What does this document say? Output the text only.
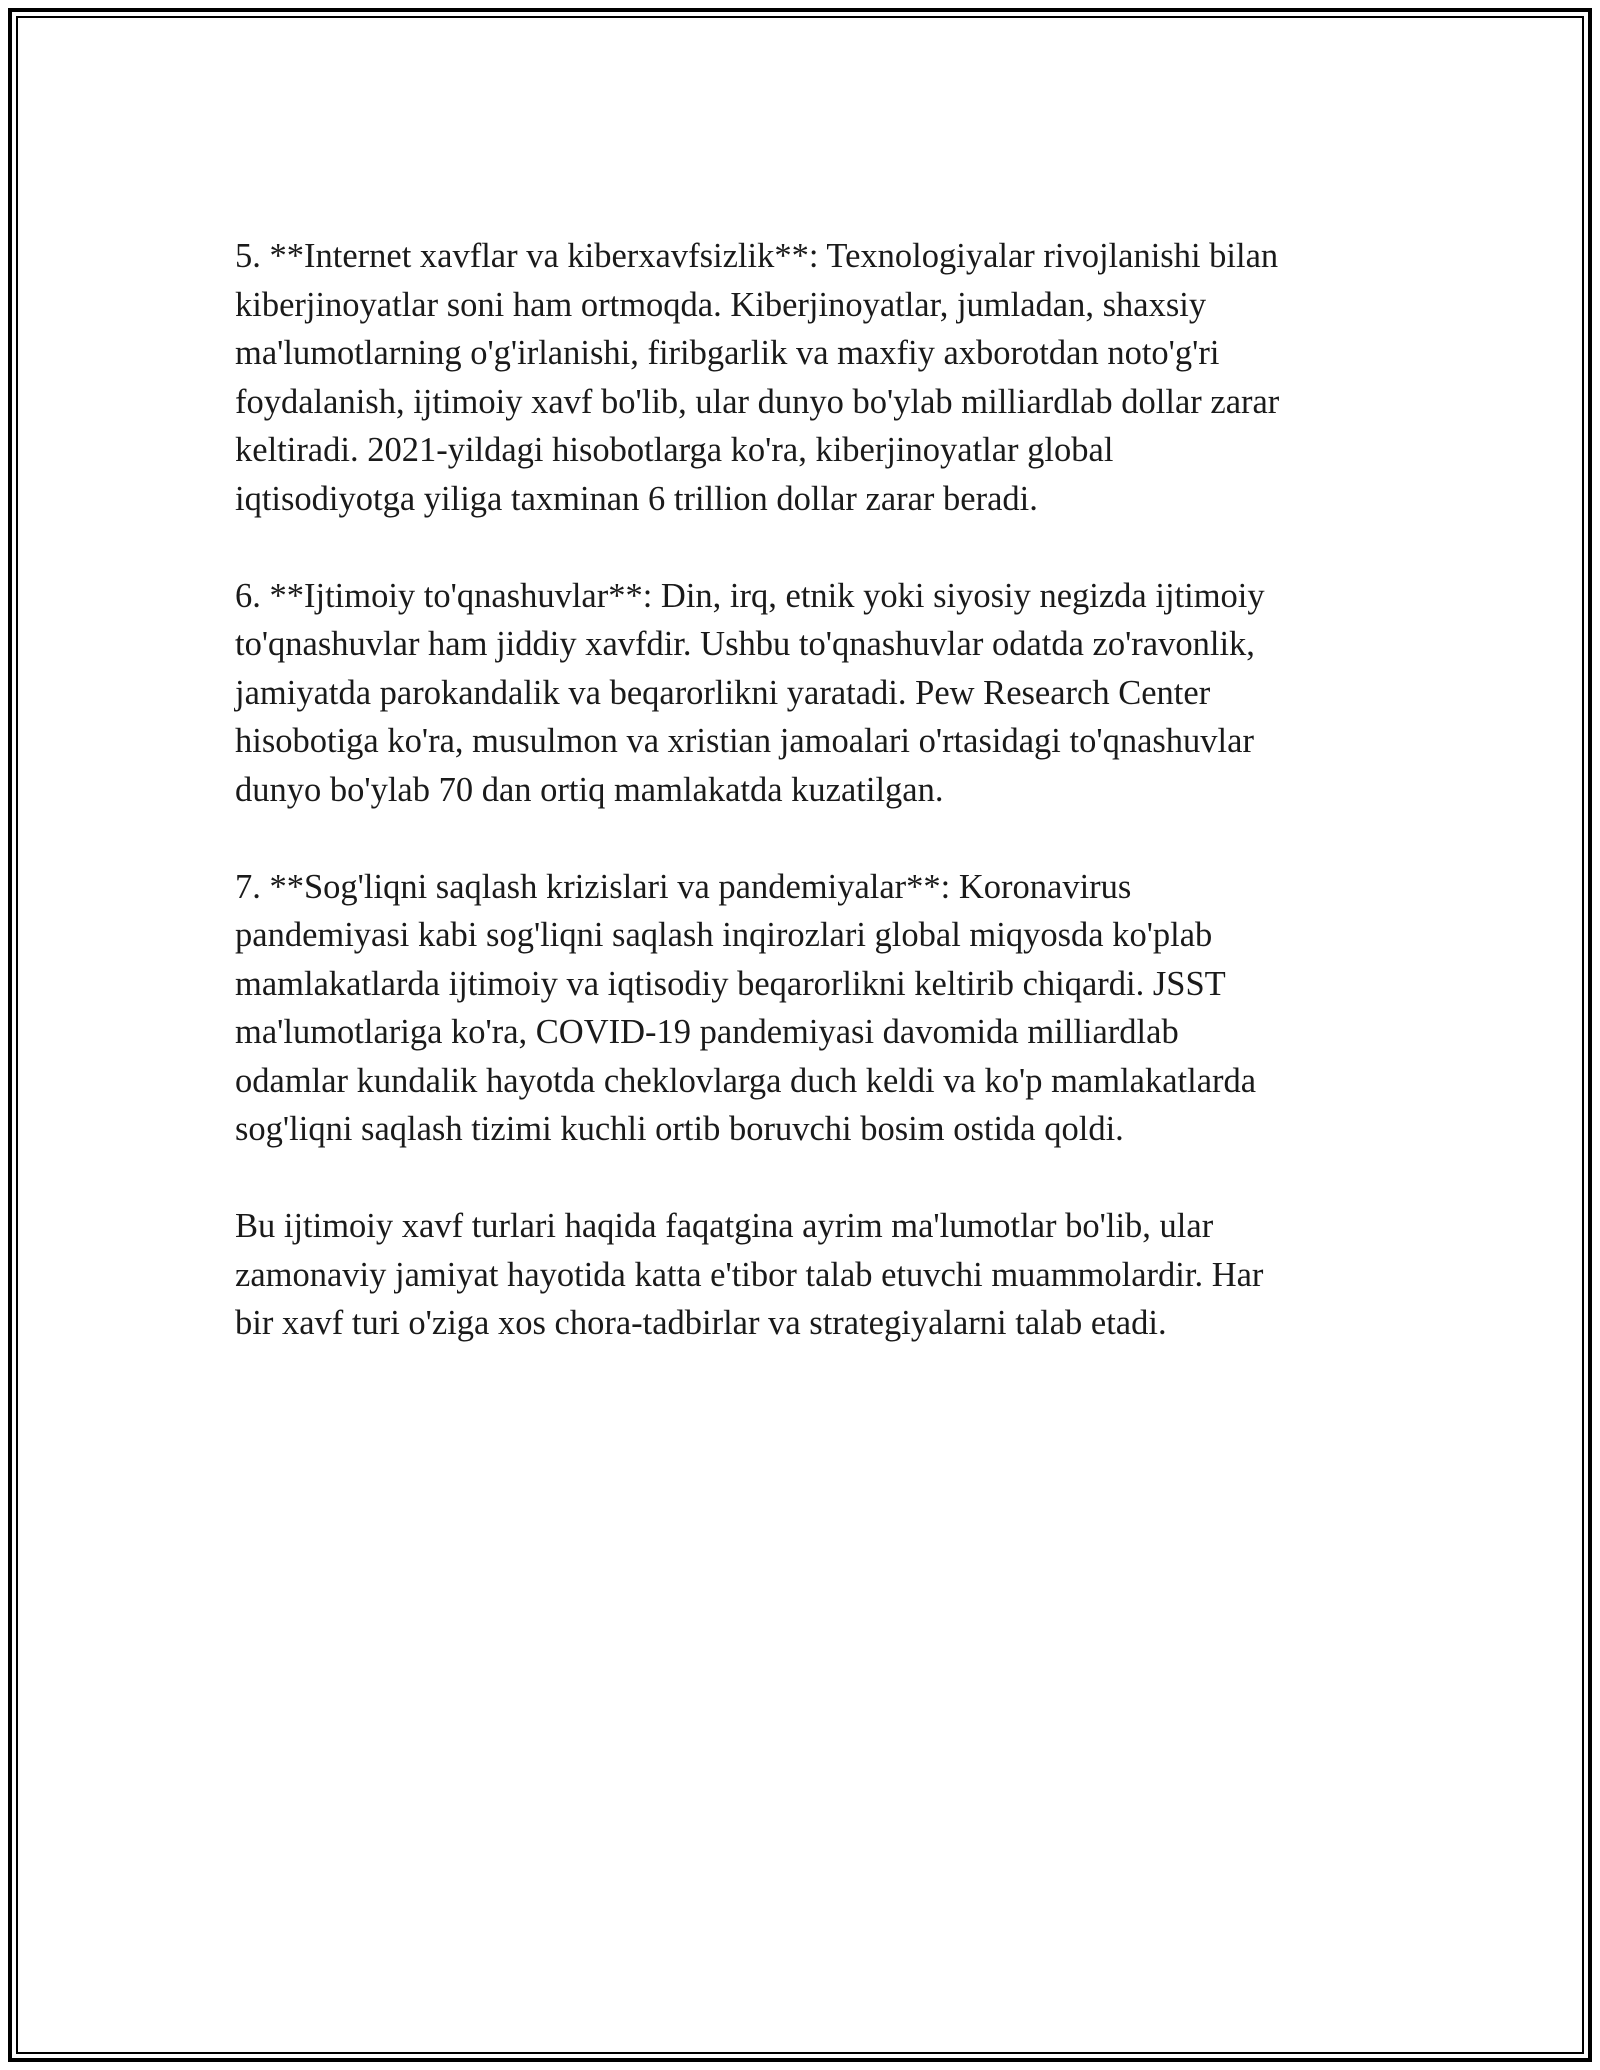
5. **Internet xavflar va kiberxavfsizlik**: Texnologiyalar rivojlanishi bilan
kiberjinoyatlar soni ham ortmoqda. Kiberjinoyatlar, jumladan, shaxsiy
ma'lumotlarning o'g'irlanishi, firibgarlik va maxfiy axborotdan noto'g'ri
foydalanish, ijtimoiy xavf bo'lib, ular dunyo bo'ylab milliardlab dollar zarar
keltiradi. 2021-yildagi hisobotlarga ko'ra, kiberjinoyatlar global
iqtisodiyotga yiliga taxminan 6 trillion dollar zarar beradi.

6. **Ijtimoiy to'qnashuvlar**: Din, irq, etnik yoki siyosiy negizda ijtimoiy
to'qnashuvlar ham jiddiy xavfdir. Ushbu to'qnashuvlar odatda zo'ravonlik,
jamiyatda parokandalik va beqarorlikni yaratadi. Pew Research Center
hisobotiga ko'ra, musulmon va xristian jamoalari o'rtasidagi to'qnashuvlar
dunyo bo'ylab 70 dan ortiq mamlakatda kuzatilgan.

7. **Sog'liqni saqlash krizislari va pandemiyalar**: Koronavirus
pandemiyasi kabi sog'liqni saqlash inqirozlari global miqyosda ko'plab
mamlakatlarda ijtimoiy va iqtisodiy beqarorlikni keltirib chiqardi. JSST
ma'lumotlariga ko'ra, COVID-19 pandemiyasi davomida milliardlab
odamlar kundalik hayotda cheklovlarga duch keldi va ko'p mamlakatlarda
sog'liqni saqlash tizimi kuchli ortib boruvchi bosim ostida qoldi.

Bu ijtimoiy xavf turlari haqida faqatgina ayrim ma'lumotlar bo'lib, ular
zamonaviy jamiyat hayotida katta e'tibor talab etuvchi muammolardir. Har
bir xavf turi o'ziga xos chora-tadbirlar va strategiyalarni talab etadi.
